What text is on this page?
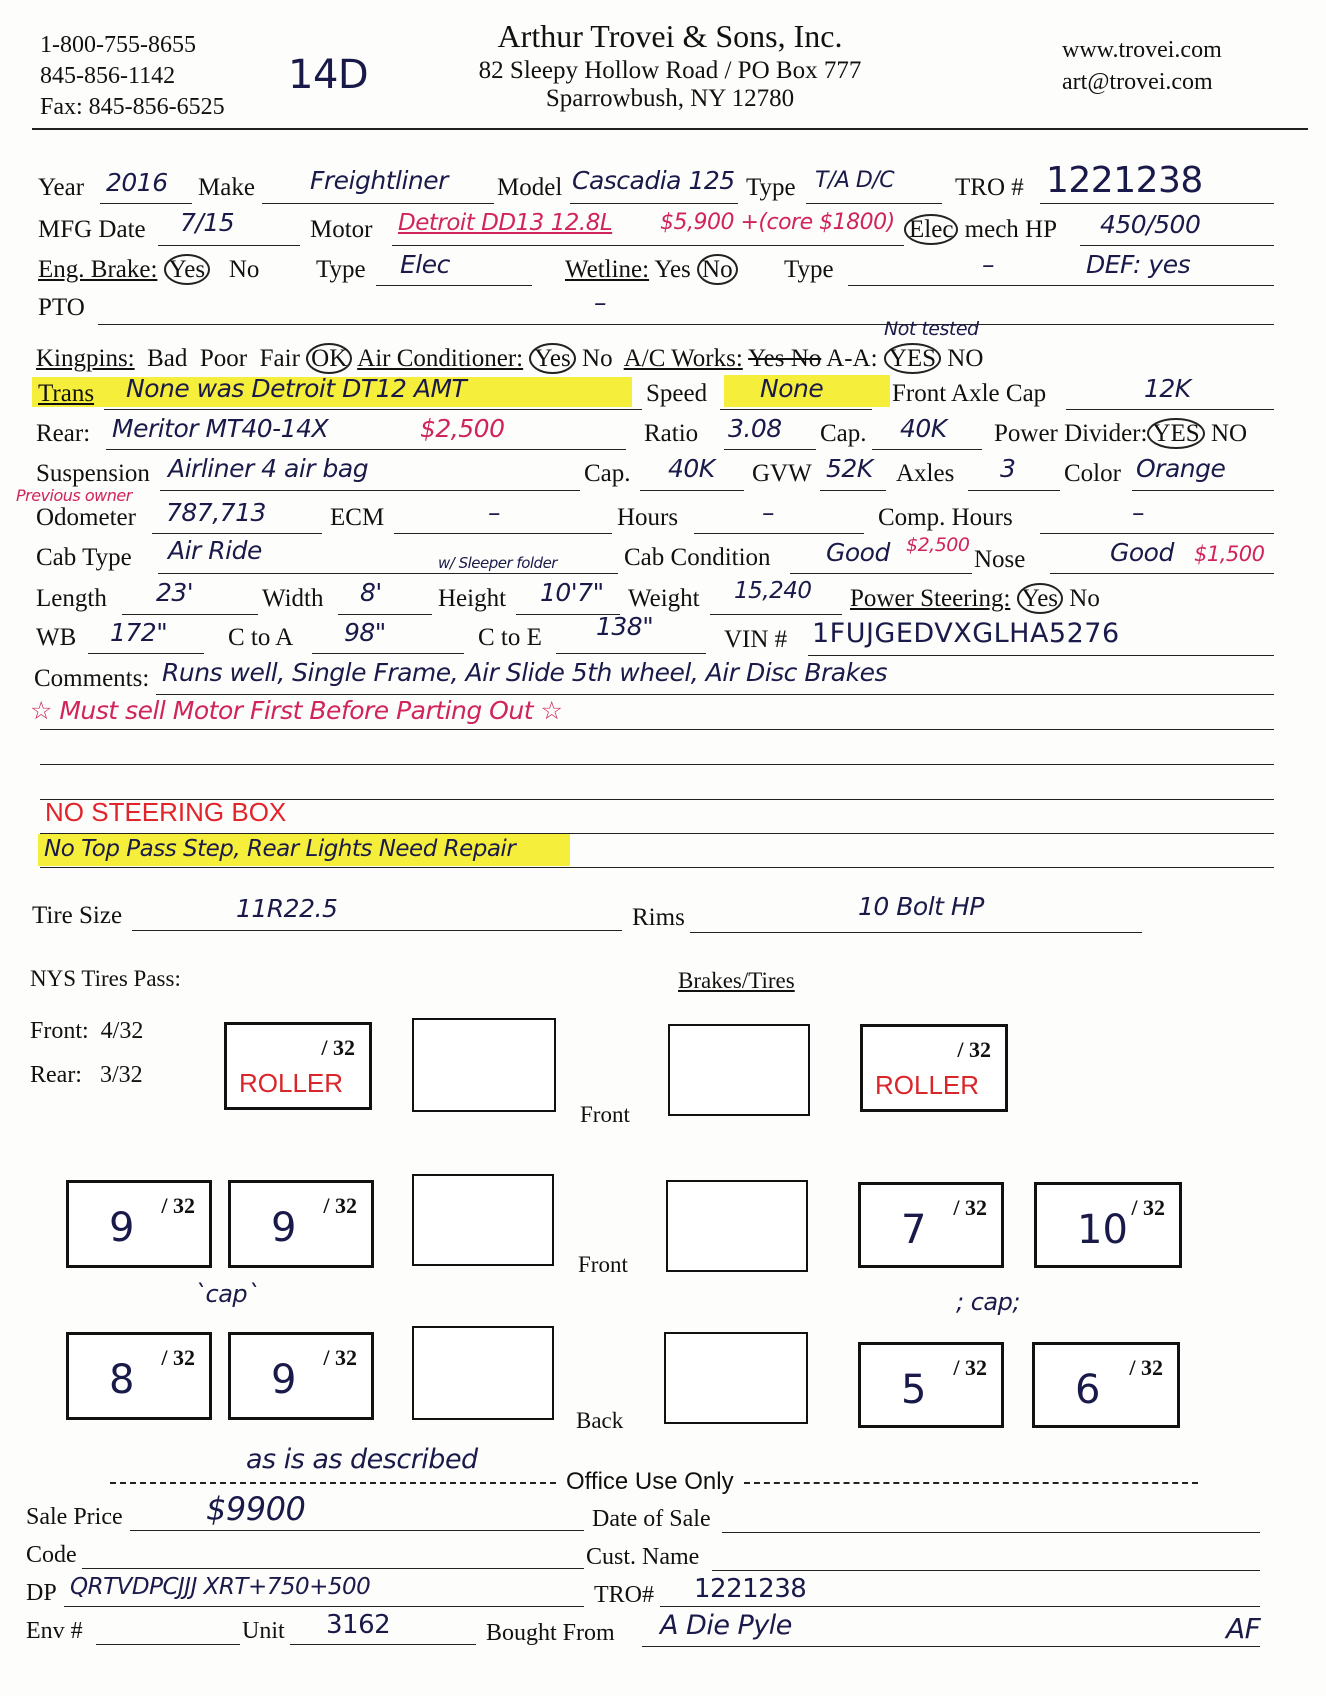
1-800-755-8655
845-856-1142
Fax: 845-856-6525
14D
Arthur Trovei & Sons, Inc.
82 Sleepy Hollow Road / PO Box 777
Sparrowbush, NY 12780
www.trovei.com
art@trovei.com
Year 2016 Make Freightliner Model Cascadia 125 Type T/A D/C TRO # 1221238
MFG Date 7/15	Motor Detroit DD13 12.8L $5,900 +(core $1800) Elec mech HP 450/500
Eng. Brake: Yes No Type Elec	Wetline: Yes No Type	–	DEF: yes
PTO	–
Not tested
Kingpins: Bad Poor Fair OK Air Conditioner: Yes No A/C Works: Yes No A-A: YES NO
Trans None was Detroit DT12 AMT	Speed None	Front Axle Cap	12K
Rear: Meritor MT40-14X	$2,500	Ratio 3.08 Cap. 40K Power Divider: YES NO
Suspension Airliner 4 air bag	Cap. 40K GVW 52K Axles 3 Color Orange
Previous owner
Odometer 787,713	ECM	–	Hours	–	Comp. Hours	–
Cab Type Air Ride	w/ Sleeper folder	Cab Condition Good $2,500
Nose	Good $1,500
Length 23'	Width 8' Height 10'7" Weight 15,240 Power Steering: Yes No
WB 172" C to A 98"	C to E 138"	VIN # 1FUJGEDVXGLHA5276
Comments: Runs well, Single Frame, Air Slide 5th wheel, Air Disc Brakes
☆ Must sell Motor First Before Parting Out ☆
NO STEERING BOX
No Top Pass Step, Rear Lights Need Repair
Tire Size	11R22.5	Rims	10 Bolt HP
NYS Tires Pass:	Brakes/Tires
Front:  4/32
Rear:   3/32
/ 32
ROLLER
/ 32
ROLLER
Front
/ 32
9	/ 32
9	/ 32
7	/ 32
10
Front
`cap`	; cap;
/ 32
8	/ 32
9	/ 32
5	/ 32
6
Back
as is as described
Office Use Only
Sale Price	$9900	Date of Sale
Code	Cust. Name
DP QRTVDPCJJJ XRT+750+500	TRO# 1221238
Env #	Unit 3162	Bought From A Die Pyle	AF
